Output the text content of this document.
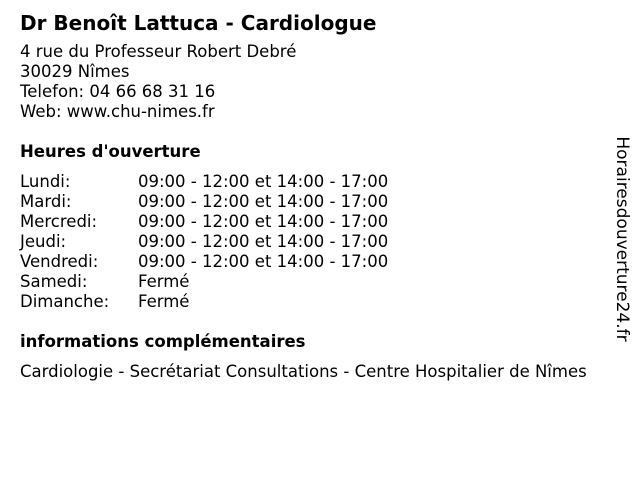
Dr Benoît Lattuca - Cardiologue
4 rue du Professeur Robert Debré
30029 Nîmes
Telefon: 04 66 68 31 16
Web: www.chu-nimes.fr
Heures d'ouverture
Lundi:	09:00 - 12:00 et 14:00 - 17:00
Mardi:	09:00 - 12:00 et 14:00 - 17:00
Mercredi:	09:00 - 12:00 et 14:00 - 17:00
Jeudi:	09:00 - 12:00 et 14:00 - 17:00
Vendredi:	09:00 - 12:00 et 14:00 - 17:00
Samedi:	Fermé
Dimanche:	Fermé
informations complémentaires
Cardiologie - Secrétariat Consultations - Centre Hospitalier de Nîmes
Horairesdouverture24.fr
